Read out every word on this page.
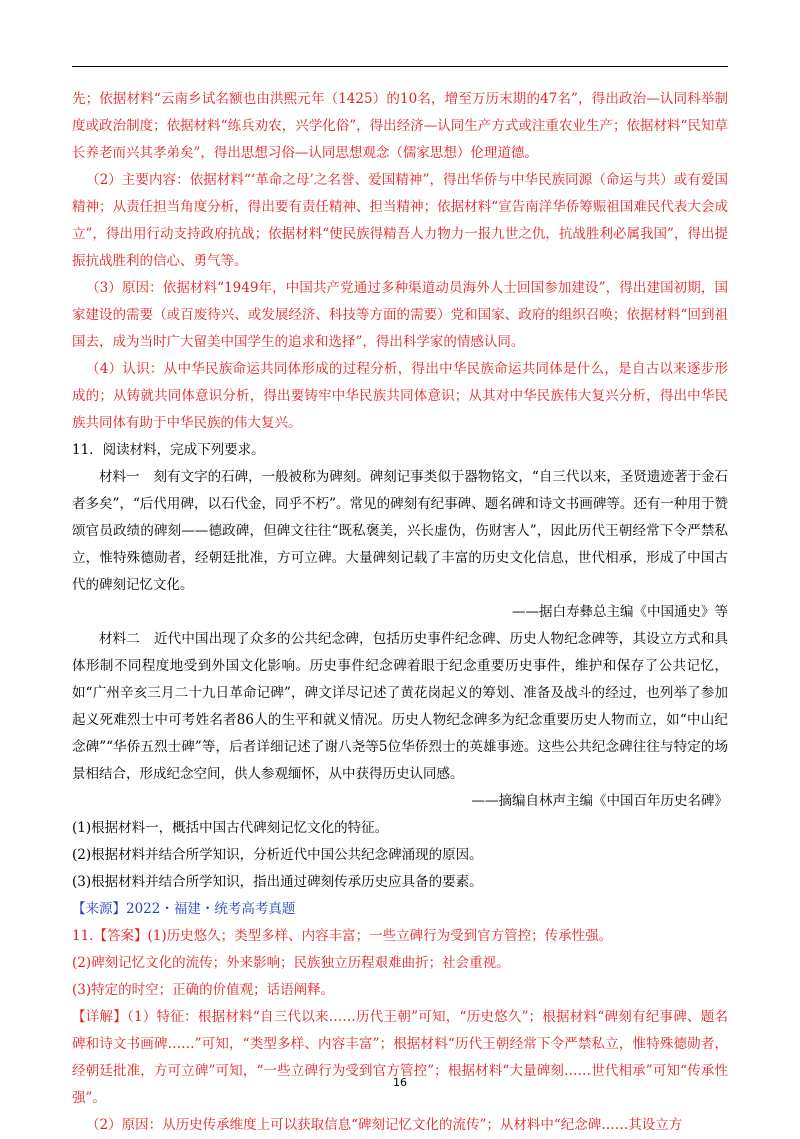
先；依据材料“云南乡试名额也由洪熙元年（1425）的10名，增至万历末期的47名”，得出政治—认同科举制度或政治制度；依据材料“练兵劝农，兴学化俗”，得出经济—认同生产方式或注重农业生产；依据材料“民知草长养老而兴其孝弟矣”，得出思想习俗—认同思想观念（儒家思想）伦理道德。

（2）主要内容：依据材料“‘革命之母’之名誉、爱国精神”，得出华侨与中华民族同源（命运与共）或有爱国精神；从责任担当角度分析，得出要有责任精神、担当精神；依据材料“宣告南洋华侨筹赈祖国难民代表大会成立”，得出用行动支持政府抗战；依据材料“使民族得精吾人力物力一报九世之仇，抗战胜利必属我国”，得出提振抗战胜利的信心、勇气等。

（3）原因：依据材料“1949年，中国共产党通过多种渠道动员海外人士回国参加建设”，得出建国初期，国家建设的需要（或百废待兴、或发展经济、科技等方面的需要）党和国家、政府的组织召唤；依据材料“回到祖国去，成为当时广大留美中国学生的追求和选择”，得出科学家的情感认同。

（4）认识：从中华民族命运共同体形成的过程分析，得出中华民族命运共同体是什么，是自古以来逐步形成的；从铸就共同体意识分析，得出要铸牢中华民族共同体意识；从其对中华民族伟大复兴分析，得出中华民族共同体有助于中华民族的伟大复兴。

11．阅读材料，完成下列要求。

材料一 刻有文字的石碑，一般被称为碑刻。碑刻记事类似于器物铭文，“自三代以来，圣贤遗迹著于金石者多矣”，“后代用碑，以石代金，同乎不朽”。常见的碑刻有纪事碑、题名碑和诗文书画碑等。还有一种用于赞颂官员政绩的碑刻——德政碑，但碑文往往“既私褒美，兴长虚伪，伤财害人”，因此历代王朝经常下令严禁私立，惟特殊德勋者，经朝廷批准，方可立碑。大量碑刻记载了丰富的历史文化信息，世代相承，形成了中国古代的碑刻记忆文化。

——据白寿彝总主编《中国通史》等

材料二 近代中国出现了众多的公共纪念碑，包括历史事件纪念碑、历史人物纪念碑等，其设立方式和具体形制不同程度地受到外国文化影响。历史事件纪念碑着眼于纪念重要历史事件，维护和保存了公共记忆，如“广州辛亥三月二十九日革命记碑”，碑文详尽记述了黄花岗起义的筹划、准备及战斗的经过，也列举了参加起义死难烈士中可考姓名者86人的生平和就义情况。历史人物纪念碑多为纪念重要历史人物而立，如“中山纪念碑”“华侨五烈士碑”等，后者详细记述了谢八尧等5位华侨烈士的英雄事迹。这些公共纪念碑往往与特定的场景相结合，形成纪念空间，供人参观缅怀，从中获得历史认同感。

——摘编自林声主编《中国百年历史名碑》

(1)根据材料一，概括中国古代碑刻记忆文化的特征。

(2)根据材料并结合所学知识，分析近代中国公共纪念碑涌现的原因。

(3)根据材料并结合所学知识，指出通过碑刻传承历史应具备的要素。

【来源】2022・福建・统考高考真题

11.【答案】(1)历史悠久；类型多样、内容丰富；一些立碑行为受到官方管控；传承性强。

(2)碑刻记忆文化的流传；外来影响；民族独立历程艰难曲折；社会重视。

(3)特定的时空；正确的价值观；话语阐释。

【详解】（1）特征：根据材料“自三代以来……历代王朝”可知，“历史悠久”；根据材料“碑刻有纪事碑、题名碑和诗文书画碑……”可知，“类型多样、内容丰富”；根据材料“历代王朝经常下令严禁私立，惟特殊德勋者，经朝廷批准，方可立碑”可知，“一些立碑行为受到官方管控”；根据材料“大量碑刻……世代相承”可知“传承性强”。

（2）原因：从历史传承维度上可以获取信息“碑刻记忆文化的流传”；从材料中“纪念碑……其设立方

16
